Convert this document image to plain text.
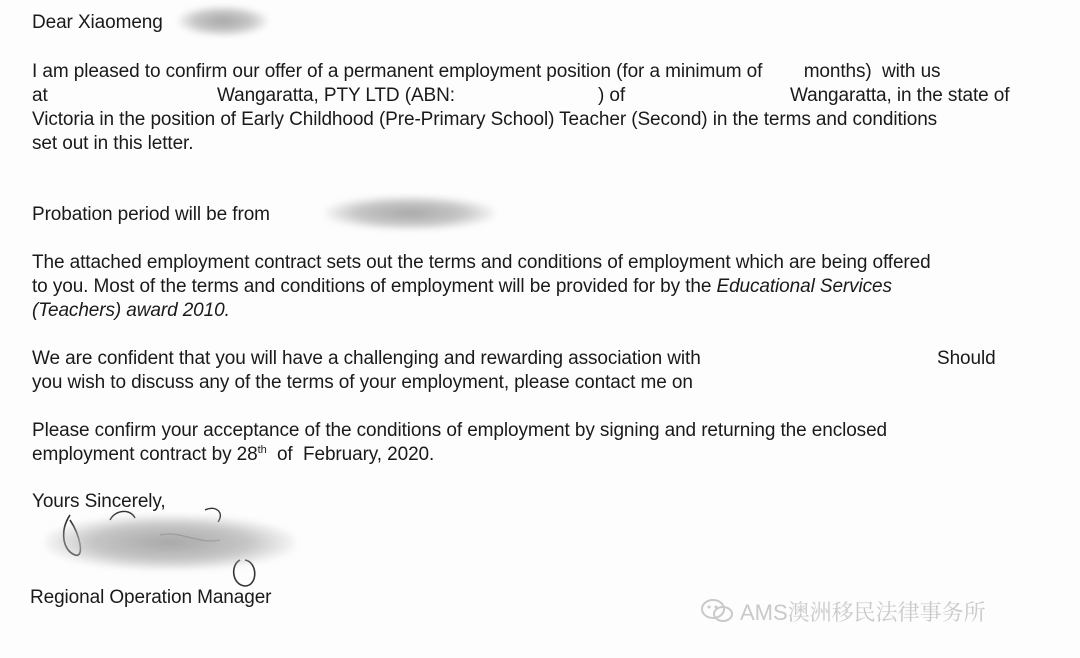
Dear Xiaomeng
I am pleased to confirm our offer of a permanent employment position (for a minimum of        months)  with us
at	Wangaratta, PTY LTD (ABN:	) of	Wangaratta, in the state of
Victoria in the position of Early Childhood (Pre-Primary School) Teacher (Second) in the terms and conditions
set out in this letter.
Probation period will be from
The attached employment contract sets out the terms and conditions of employment which are being offered
to you. Most of the terms and conditions of employment will be provided for by the Educational Services
(Teachers) award 2010.
We are confident that you will have a challenging and rewarding association with	Should
you wish to discuss any of the terms of your employment, please contact me on
Please confirm your acceptance of the conditions of employment by signing and returning the enclosed
employment contract by 28th  of  February, 2020.
Yours Sincerely,
Regional Operation Manager
AMS澳洲移民法律事务所
